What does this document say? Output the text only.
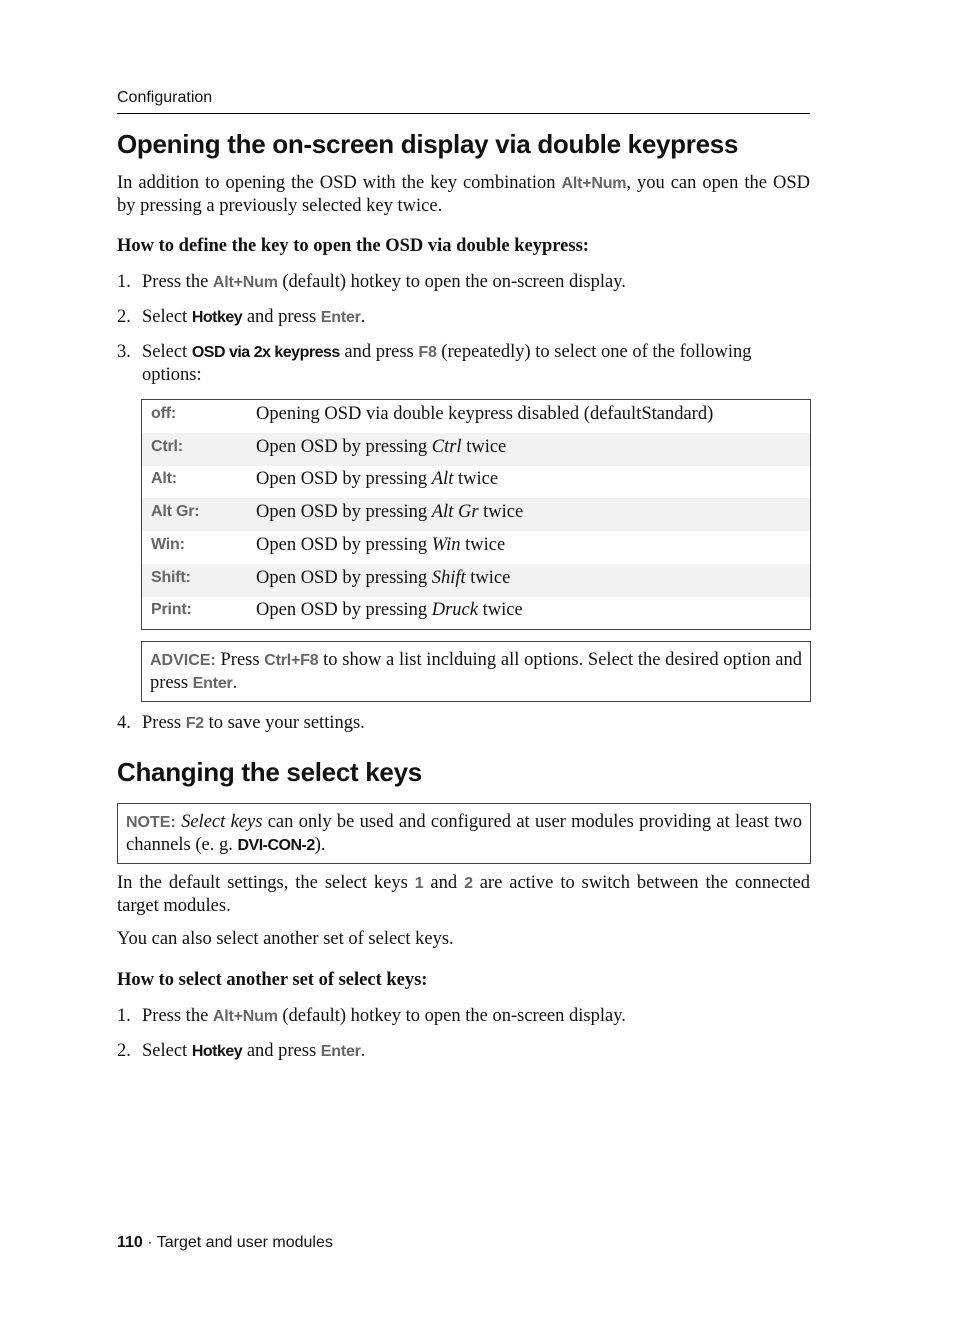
Configuration
Opening the on-screen display via double keypress

In addition to opening the OSD with the key combination Alt+Num, you can open the OSD by pressing a previously selected key twice.

How to define the key to open the OSD via double keypress:

1. Press the Alt+Num (default) hotkey to open the on-screen display.
2. Select Hotkey and press Enter.
3. Select OSD via 2x keypress and press F8 (repeatedly) to select one of the following options:
off:	Opening OSD via double keypress disabled (defaultStandard)
Ctrl:	Open OSD by pressing Ctrl twice
Alt:	Open OSD by pressing Alt twice
Alt Gr:	Open OSD by pressing Alt Gr twice
Win:	Open OSD by pressing Win twice
Shift:	Open OSD by pressing Shift twice
Print:	Open OSD by pressing Druck twice
ADVICE: Press Ctrl+F8 to show a list inclduing all options. Select the desired option and press Enter.
4. Press F2 to save your settings.
Changing the select keys
NOTE: Select keys can only be used and configured at user modules providing at least two channels (e. g. DVI-CON-2).

In the default settings, the select keys 1 and 2 are active to switch between the connected target modules.

You can also select another set of select keys.

How to select another set of select keys:

1. Press the Alt+Num (default) hotkey to open the on-screen display.
2. Select Hotkey and press Enter.
110 · Target and user modules
